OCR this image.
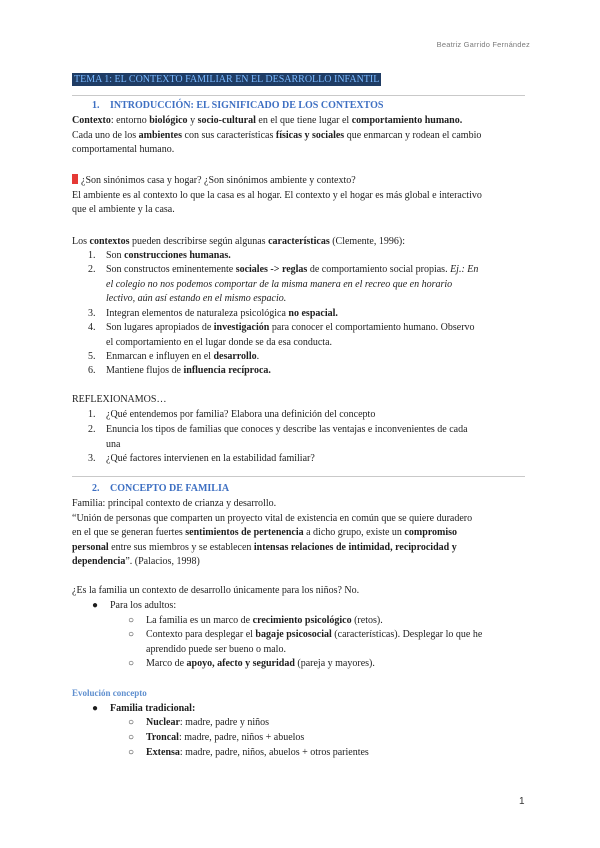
Beatriz Garrido Fernández
TEMA 1: EL CONTEXTO FAMILIAR EN EL DESARROLLO INFANTIL
1. INTRODUCCIÓN: EL SIGNIFICADO DE LOS CONTEXTOS
Contexto: entorno biológico y socio-cultural en el que tiene lugar el comportamiento humano.
Cada uno de los ambientes con sus características físicas y sociales que enmarcan y rodean el cambio
comportamental humano.
¿Son sinónimos casa y hogar? ¿Son sinónimos ambiente y contexto?
El ambiente es al contexto lo que la casa es al hogar. El contexto y el hogar es más global e interactivo
que el ambiente y la casa.
Los contextos pueden describirse según algunas características (Clemente, 1996):
1.	Son construcciones humanas.
2.	Son constructos eminentemente sociales -> reglas de comportamiento social propias. Ej.: En
el colegio no nos podemos comportar de la misma manera en el recreo que en horario
lectivo, aún así estando en el mismo espacio.
3.	Integran elementos de naturaleza psicológica no espacial.
4.	Son lugares apropiados de investigación para conocer el comportamiento humano. Observo
el comportamiento en el lugar donde se da esa conducta.
5.	Enmarcan e influyen en el desarrollo.
6.	Mantiene flujos de influencia recíproca.
REFLEXIONAMOS…
1.	¿Qué entendemos por familia? Elabora una definición del concepto
2.	Enuncia los tipos de familias que conoces y describe las ventajas e inconvenientes de cada
una
3.	¿Qué factores intervienen en la estabilidad familiar?
2. CONCEPTO DE FAMILIA
Familia: principal contexto de crianza y desarrollo.
“Unión de personas que comparten un proyecto vital de existencia en común que se quiere duradero
en el que se generan fuertes sentimientos de pertenencia a dicho grupo, existe un compromiso
personal entre sus miembros y se establecen intensas relaciones de intimidad, reciprocidad y
dependencia”. (Palacios, 1998)
¿Es la familia un contexto de desarrollo únicamente para los niños? No.
● Para los adultos:
○ La familia es un marco de crecimiento psicológico (retos).
○ Contexto para desplegar el bagaje psicosocial (características). Desplegar lo que he
aprendido puede ser bueno o malo.
○ Marco de apoyo, afecto y seguridad (pareja y mayores).
Evolución concepto
● Familia tradicional:
○ Nuclear: madre, padre y niños
○ Troncal: madre, padre, niños + abuelos
○ Extensa: madre, padre, niños, abuelos + otros parientes
1
